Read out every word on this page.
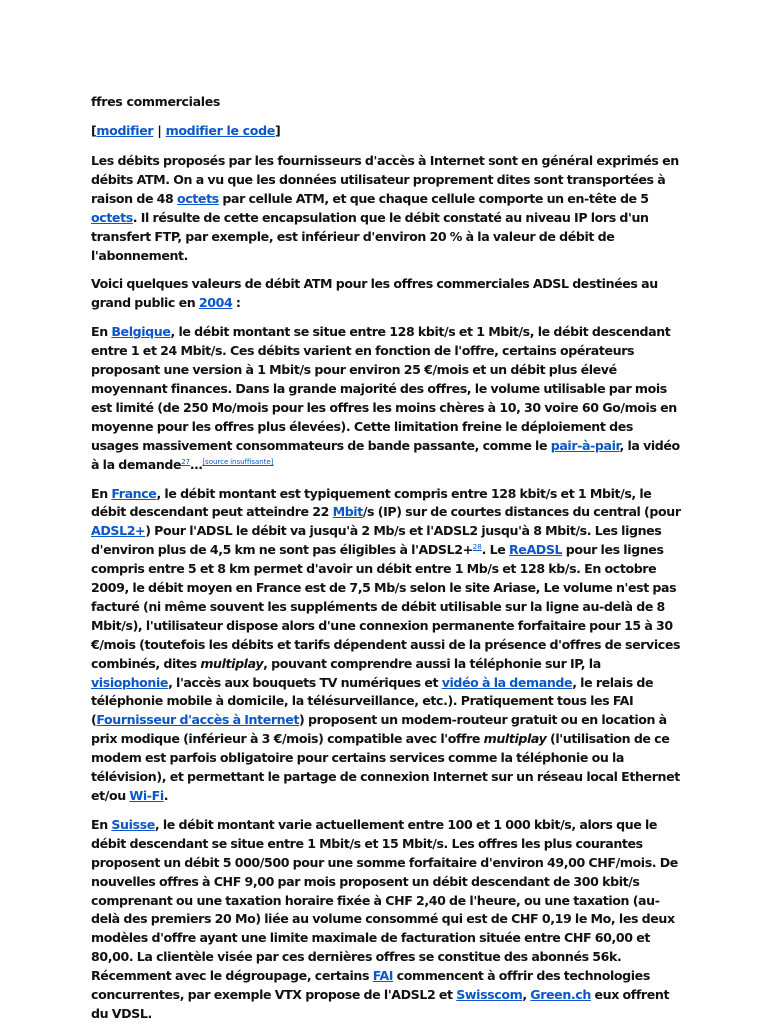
ffres commerciales
[modifier | modifier le code]

Les débits proposés par les fournisseurs d'accès à Internet sont en général exprimés en débits ATM. On a vu que les données utilisateur proprement dites sont transportées à raison de 48 octets par cellule ATM, et que chaque cellule comporte un en-tête de 5 octets. Il résulte de cette encapsulation que le débit constaté au niveau IP lors d'un transfert FTP, par exemple, est inférieur d'environ 20 % à la valeur de débit de l'abonnement.

Voici quelques valeurs de débit ATM pour les offres commerciales ADSL destinées au grand public en 2004 :

En Belgique, le débit montant se situe entre 128 kbit/s et 1 Mbit/s, le débit descendant entre 1 et 24 Mbit/s. Ces débits varient en fonction de l'offre, certains opérateurs proposant une version à 1 Mbit/s pour environ 25 €/mois et un débit plus élevé moyennant finances. Dans la grande majorité des offres, le volume utilisable par mois est limité (de 250 Mo/mois pour les offres les moins chères à 10, 30 voire 60 Go/mois en moyenne pour les offres plus élevées). Cette limitation freine le déploiement des usages massivement consommateurs de bande passante, comme le pair-à-pair, la vidéo à la demande$^{27}$…[source insuffisante]

En France, le débit montant est typiquement compris entre 128 kbit/s et 1 Mbit/s, le débit descendant peut atteindre 22 Mbit/s (IP) sur de courtes distances du central (pour ADSL2+) Pour l'ADSL le débit va jusqu'à 2 Mb/s et l'ADSL2 jusqu'à 8 Mbit/s. Les lignes d'environ plus de 4,5 km ne sont pas éligibles à l'ADSL2+$^{28}$. Le ReADSL pour les lignes compris entre 5 et 8 km permet d'avoir un débit entre 1 Mb/s et 128 kb/s. En octobre 2009, le débit moyen en France est de 7,5 Mb/s selon le site Ariase, Le volume n'est pas facturé (ni même souvent les suppléments de débit utilisable sur la ligne au-delà de 8 Mbit/s), l'utilisateur dispose alors d'une connexion permanente forfaitaire pour 15 à 30 €/mois (toutefois les débits et tarifs dépendent aussi de la présence d'offres de services combinés, dites multiplay, pouvant comprendre aussi la téléphonie sur IP, la visiophonie, l'accès aux bouquets TV numériques et vidéo à la demande, le relais de téléphonie mobile à domicile, la télésurveillance, etc.). Pratiquement tous les FAI (Fournisseur d'accès à Internet) proposent un modem-routeur gratuit ou en location à prix modique (inférieur à 3 €/mois) compatible avec l'offre multiplay (l'utilisation de ce modem est parfois obligatoire pour certains services comme la téléphonie ou la télévision), et permettant le partage de connexion Internet sur un réseau local Ethernet et/ou Wi-Fi.

En Suisse, le débit montant varie actuellement entre 100 et 1 000 kbit/s, alors que le débit descendant se situe entre 1 Mbit/s et 15 Mbit/s. Les offres les plus courantes proposent un débit 5 000/500 pour une somme forfaitaire d'environ 49,00 CHF/mois. De nouvelles offres à CHF 9,00 par mois proposent un débit descendant de 300 kbit/s comprenant ou une taxation horaire fixée à CHF 2,40 de l'heure, ou une taxation (au-delà des premiers 20 Mo) liée au volume consommé qui est de CHF 0,19 le Mo, les deux modèles d'offre ayant une limite maximale de facturation située entre CHF 60,00 et 80,00. La clientèle visée par ces dernières offres se constitue des abonnés 56k. Récemment avec le dégroupage, certains FAI commencent à offrir des technologies concurrentes, par exemple VTX propose de l'ADSL2 et Swisscom, Green.ch eux offrent du VDSL.
